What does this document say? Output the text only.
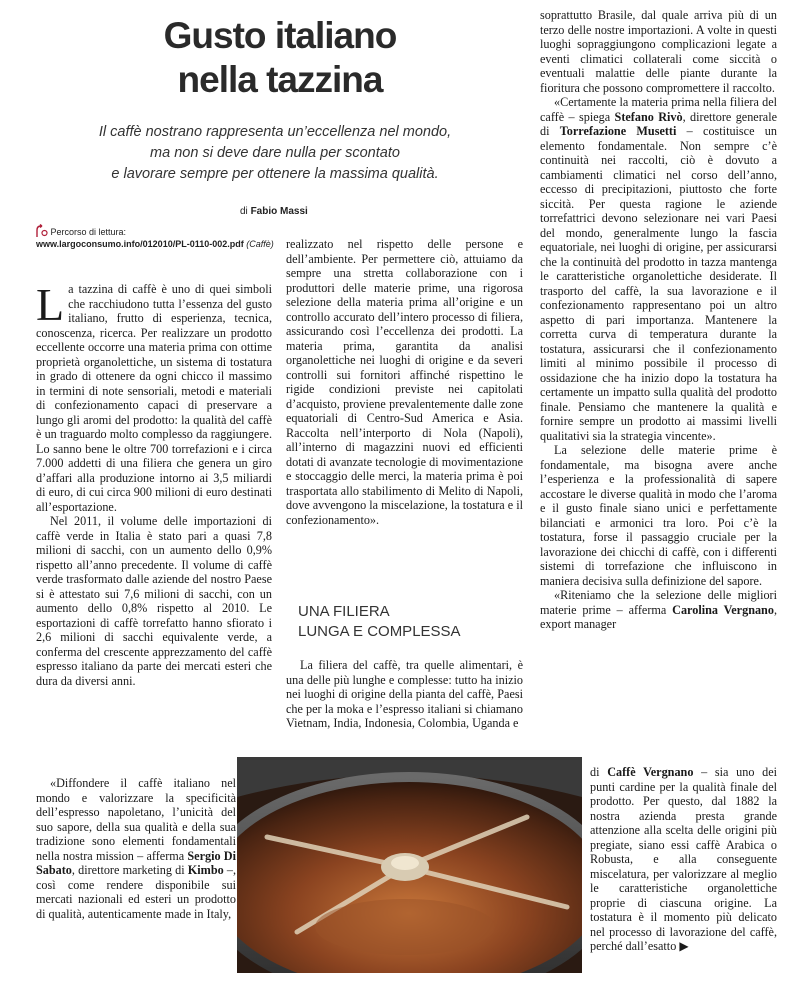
Gusto italiano
nella tazzina
Il caffè nostrano rappresenta un’eccellenza nel mondo,
ma non si deve dare nulla per scontato
e lavorare sempre per ottenere la massima qualità.
di Fabio Massi
Percorso di lettura:
www.largoconsumo.info/012010/PL-0110-002.pdf (Caffè)

La tazzina di caffè è uno di quei simboli che racchiudono tutta l’essenza del gusto italiano, frutto di esperienza, tecnica, conoscenza, ricerca. Per realizzare un prodotto eccellente occorre una materia prima con ottime proprietà organolettiche, un sistema di tostatura in grado di ottenere da ogni chicco il massimo in termini di note sensoriali, metodi e materiali di confezionamento capaci di preservare a lungo gli aromi del prodotto: la qualità del caffè è un traguardo molto complesso da raggiungere. Lo sanno bene le oltre 700 torrefazioni e i circa 7.000 addetti di una filiera che genera un giro d’affari alla produzione intorno ai 3,5 miliardi di euro, di cui circa 900 milioni di euro destinati all’esportazione.

Nel 2011, il volume delle importazioni di caffè verde in Italia è stato pari a quasi 7,8 milioni di sacchi, con un aumento dello 0,9% rispetto all’anno precedente. Il volume di caffè verde trasformato dalle aziende del nostro Paese si è attestato sui 7,6 milioni di sacchi, con un aumento dello 0,8% rispetto al 2010. Le esportazioni di caffè torrefatto hanno sfiorato i 2,6 milioni di sacchi equivalente verde, a conferma del crescente apprezzamento del caffè espresso italiano da parte dei mercati esteri che dura da diversi anni.

«Diffondere il caffè italiano nel mondo e valorizzare la specificità dell’espresso napoletano, l’unicità del suo sapore, della sua qualità e della sua tradizione sono elementi fondamentali nella nostra mission – afferma Sergio Di Sabato, direttore marketing di Kimbo –, così come rendere disponibile sui mercati nazionali ed esteri un prodotto di qualità, autenticamente made in Italy,

realizzato nel rispetto delle persone e dell’ambiente. Per permettere ciò, attuiamo da sempre una stretta collaborazione con i produttori delle materie prime, una rigorosa selezione della materia prima all’origine e un controllo accurato dell’intero processo di filiera, assicurando così l’eccellenza dei prodotti. La materia prima, garantita da analisi organolettiche nei luoghi di origine e da severi controlli sui fornitori affinché rispettino le rigide condizioni previste nei capitolati d’acquisto, proviene prevalentemente dalle zone equatoriali di Centro-Sud America e Asia. Raccolta nell’interporto di Nola (Napoli), all’interno di magazzini nuovi ed efficienti dotati di avanzate tecnologie di movimentazione e stoccaggio delle merci, la materia prima è poi trasportata allo stabilimento di Melito di Napoli, dove avvengono la miscelazione, la tostatura e il confezionamento».

UNA FILIERA
LUNGA E COMPLESSA

La filiera del caffè, tra quelle alimentari, è una delle più lunghe e complesse: tutto ha inizio nei luoghi di origine della pianta del caffè, Paesi che per la moka e l’espresso italiani si chiamano Vietnam, India, Indonesia, Colombia, Uganda e

soprattutto Brasile, dal quale arriva più di un terzo delle nostre importazioni. A volte in questi luoghi sopraggiungono complicazioni legate a eventi climatici collaterali come siccità o eventuali malattie delle piante durante la fioritura che possono compromettere il raccolto.

«Certamente la materia prima nella filiera del caffè – spiega Stefano Rivò, direttore generale di Torrefazione Musetti – costituisce un elemento fondamentale. Non sempre c’è continuità nei raccolti, ciò è dovuto a cambiamenti climatici nel corso dell’anno, eccesso di precipitazioni, piuttosto che forte siccità. Per questa ragione le aziende torrefattrici devono selezionare nei vari Paesi del mondo, generalmente lungo la fascia equatoriale, nei luoghi di origine, per assicurarsi che la continuità del prodotto in tazza mantenga le caratteristiche organolettiche desiderate. Il trasporto del caffè, la sua lavorazione e il confezionamento rappresentano poi un altro aspetto di pari importanza. Mantenere la corretta curva di temperatura durante la tostatura, assicurarsi che il confezionamento limiti al minimo possibile il processo di ossidazione che ha inizio dopo la tostatura ha certamente un impatto sulla qualità del prodotto finale. Pensiamo che mantenere la qualità e fornire sempre un prodotto ai massimi livelli qualitativi sia la strategia vincente».

La selezione delle materie prime è fondamentale, ma bisogna avere anche l’esperienza e la professionalità di sapere accostare le diverse qualità in modo che l’aroma e il gusto finale siano unici e perfettamente bilanciati e armonici tra loro. Poi c’è la tostatura, forse il passaggio cruciale per la lavorazione dei chicchi di caffè, con i differenti sistemi di torrefazione che influiscono in maniera decisiva sulla definizione del sapore.

«Riteniamo che la selezione delle migliori materie prime – afferma Carolina Vergnano, export manager

di Caffè Vergnano – sia uno dei punti cardine per la qualità finale del prodotto. Per questo, dal 1882 la nostra azienda presta grande attenzione alla scelta delle origini più pregiate, siano essi caffè Arabica o Robusta, e alla conseguente miscelatura, per valorizzare al meglio le caratteristiche organolettiche proprie di ciascuna origine. La tostatura è il momento più delicato nel processo di lavorazione del caffè, perché dall’esatto ▶
